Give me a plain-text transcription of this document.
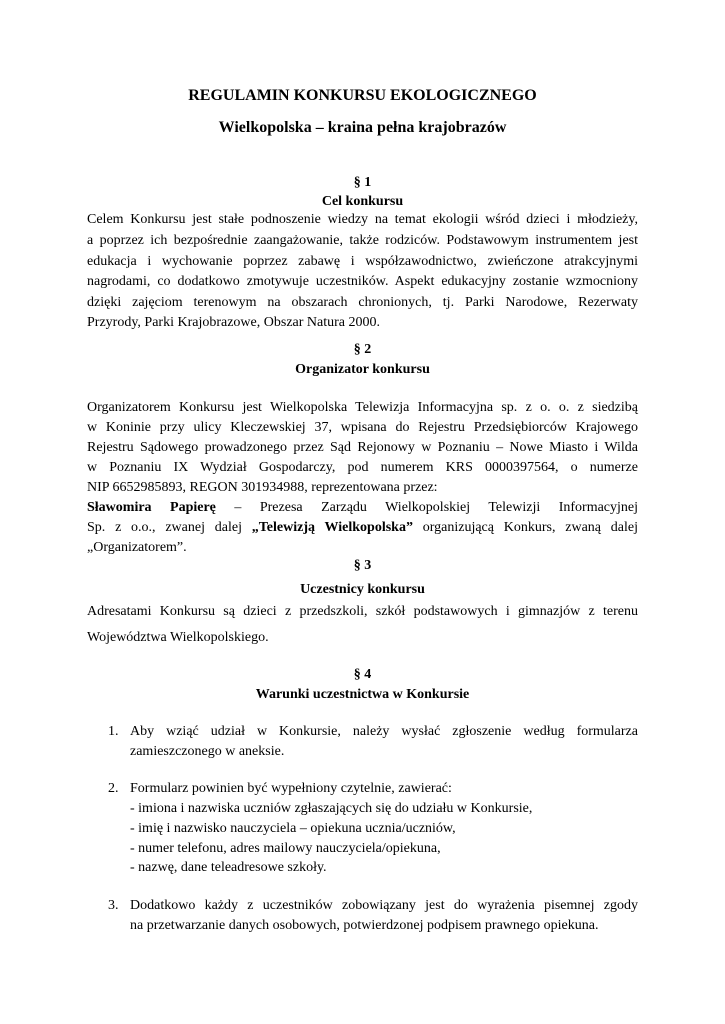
REGULAMIN KONKURSU EKOLOGICZNEGO
Wielkopolska – kraina pełna krajobrazów
§ 1
Cel konkursu
Celem Konkursu jest stałe podnoszenie wiedzy na temat ekologii wśród dzieci i młodzieży,
a poprzez ich bezpośrednie zaangażowanie, także rodziców. Podstawowym instrumentem jest
edukacja i wychowanie poprzez zabawę i współzawodnictwo, zwieńczone atrakcyjnymi
nagrodami, co dodatkowo zmotywuje uczestników. Aspekt edukacyjny zostanie wzmocniony
dzięki zajęciom terenowym na obszarach chronionych, tj. Parki Narodowe, Rezerwaty
Przyrody, Parki Krajobrazowe, Obszar Natura 2000.
§ 2
Organizator konkursu
Organizatorem Konkursu jest Wielkopolska Telewizja Informacyjna sp. z o. o. z siedzibą
w Koninie przy ulicy Kleczewskiej 37, wpisana do Rejestru Przedsiębiorców Krajowego
Rejestru Sądowego prowadzonego przez Sąd Rejonowy w Poznaniu – Nowe Miasto i Wilda
w Poznaniu IX Wydział Gospodarczy, pod numerem KRS 0000397564, o numerze
NIP 6652985893, REGON 301934988, reprezentowana przez:
Sławomira Papierę – Prezesa Zarządu Wielkopolskiej Telewizji Informacyjnej
Sp. z o.o., zwanej dalej „Telewizją Wielkopolska” organizującą Konkurs, zwaną dalej
„Organizatorem”.
§ 3
Uczestnicy konkursu
Adresatami Konkursu są dzieci z przedszkoli, szkół podstawowych i gimnazjów z terenu
Województwa Wielkopolskiego.
§ 4
Warunki uczestnictwa w Konkursie
1. Aby wziąć udział w Konkursie, należy wysłać zgłoszenie według formularza
zamieszczonego w aneksie.
2. Formularz powinien być wypełniony czytelnie, zawierać:
- imiona i nazwiska uczniów zgłaszających się do udziału w Konkursie,
- imię i nazwisko nauczyciela – opiekuna ucznia/uczniów,
- numer telefonu, adres mailowy nauczyciela/opiekuna,
- nazwę, dane teleadresowe szkoły.
3. Dodatkowo każdy z uczestników zobowiązany jest do wyrażenia pisemnej zgody
na przetwarzanie danych osobowych, potwierdzonej podpisem prawnego opiekuna.
